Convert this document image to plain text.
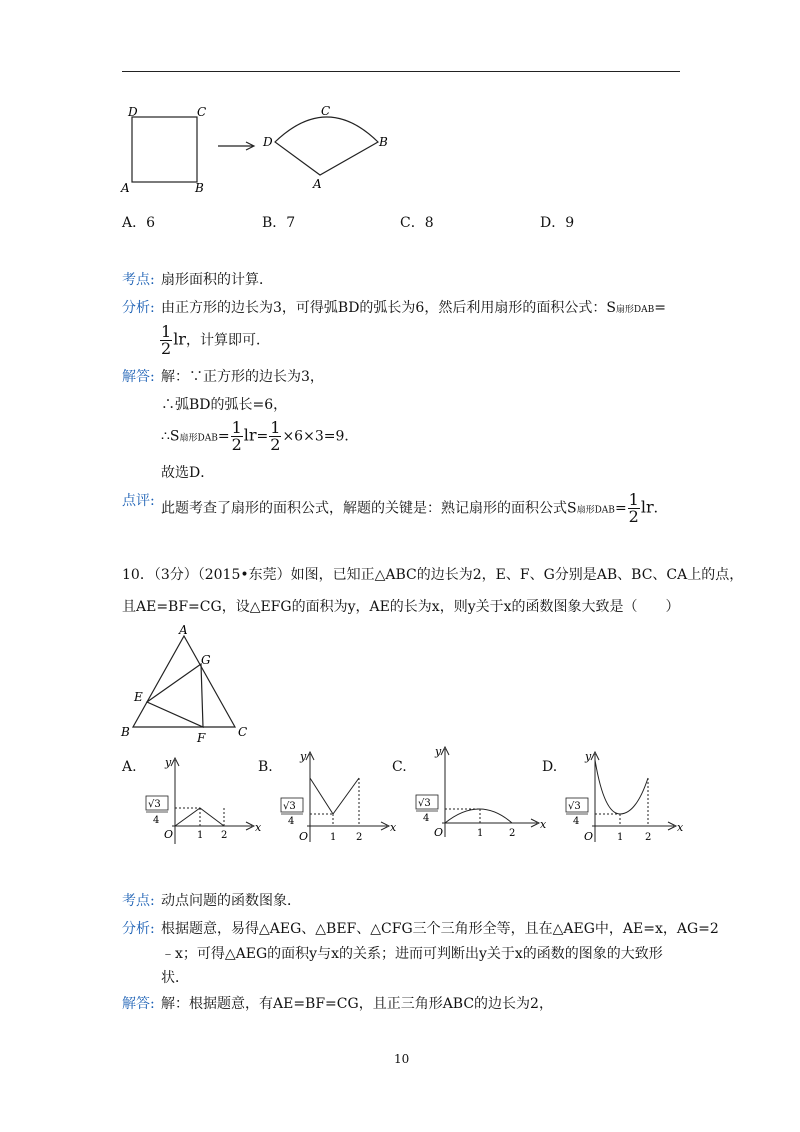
D	C
A	B
C
D	B
A
A．6	B．7	C．8	D．9
考点: 扇形面积的计算．
分析: 由正方形的边长为3，可得弧BD的弧长为6，然后利用扇形的面积公式：S扇形DAB=
$\frac{1}{2}$ lr，计算即可．
解答: 解：∵正方形的边长为3，
∴弧BD的弧长=6，
∴S扇形$DAB= \frac{1}{2} lr= \frac{1}{2} \times 6\times 3=9$．
故选D．
点评: 此题考查了扇形的面积公式，解题的关键是：熟记扇形的面积公式S扇形$DAB= \frac{1}{2}$ lr．
10．（3分）（2015•东莞）如图，已知正△ABC的边长为2，E、F、G分别是AB、BC、CA上的点，
且AE=BF=CG，设△EFG的面积为y，AE的长为x，则y关于x的函数图象大致是（　　）
A
G
E
B	F	C
A.	B.	C.	D.
√3
4
y
x
O 1 2
√3
4
y
x
O 1 2
√3
4
y
x
O	1	2
√3
4
y
x
O 1 2
考点: 动点问题的函数图象．
分析: 根据题意，易得△AEG、△BEF、△CFG三个三角形全等，且在△AEG中，AE=x，AG=2
﹣x；可得△AEG的面积y与x的关系；进而可判断出y关于x的函数的图象的大致形
状．
解答: 解：根据题意，有AE=BF=CG，且正三角形ABC的边长为2，
10
